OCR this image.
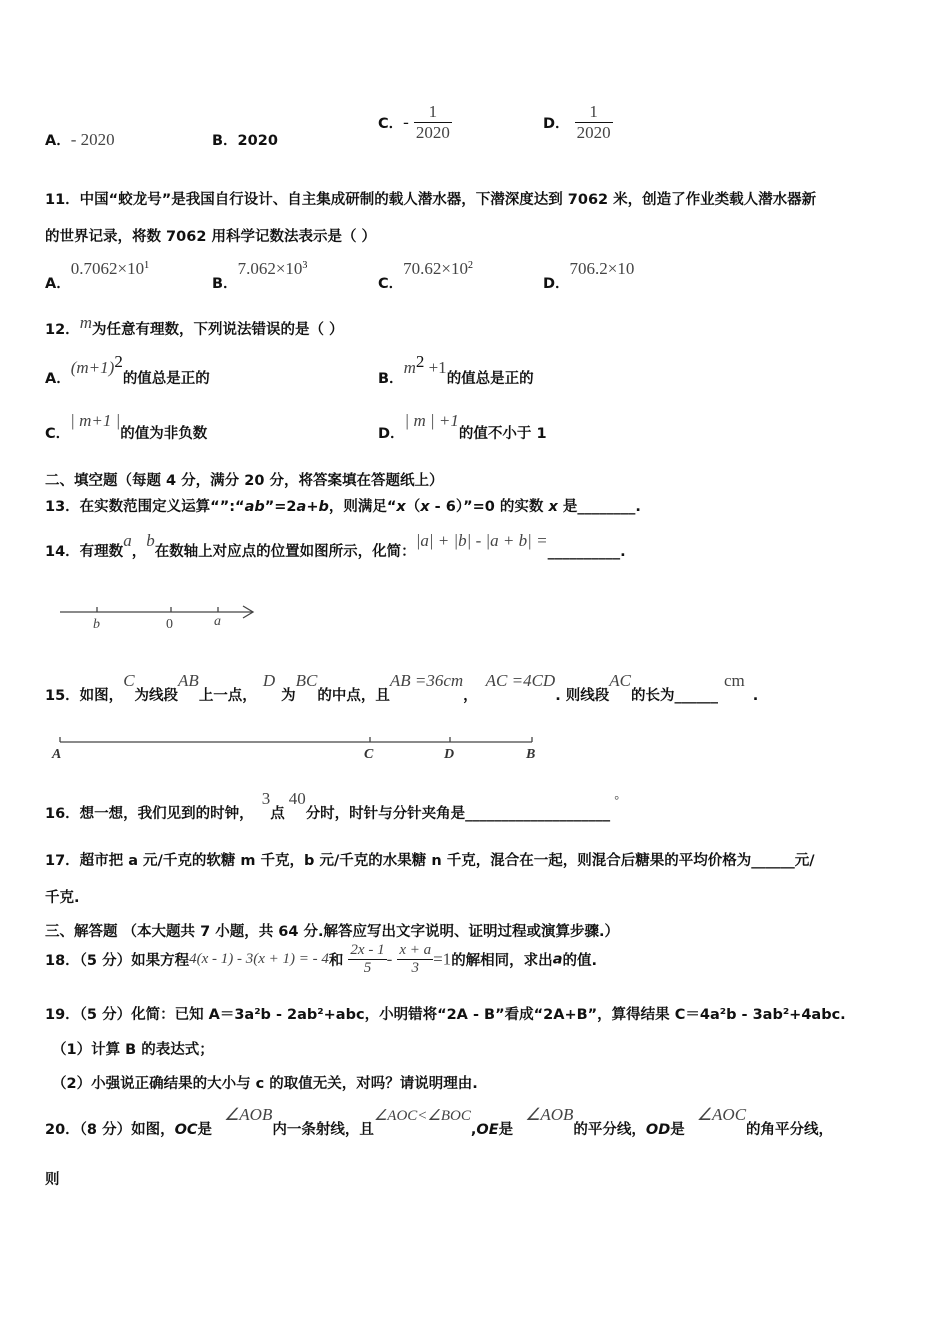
A．- 2020	B．2020
C．- $\frac{1}{2020}$	D． $\frac{1}{2020}$
11．中国“蛟龙号”是我国自行设计、自主集成研制的载人潜水器，下潜深度达到 7062 米，创造了作业类载人潜水器新
的世界记录，将数 7062 用科学记数法表示是（ ）
A．$0.7062\times 10^1$
B．$7.062\times 10^3$
C．$70.62\times 10^2$
D．706.2×10
12．m为任意有理数，下列说法错误的是（ ）
A．$(m+1)^2$的值总是正的	B．$m^2 +1$的值总是正的
C．| m+1 |的值为非负数	D．| m | +1的值不小于 1
二、填空题（每题 4 分，满分 20 分，将答案填在答题纸上）
13．在实数范围定义运算“”:“ab”=2a+b，则满足“x（x - 6）”=0 的实数 x 是________.
14．有理数a，b在数轴上对应点的位置如图所示，化简：|a| + |b| - |a + b| =__________.
b	0	a
15．如图，C为线段AB上一点，D为BC的中点，且AB =36cm，AC =4CD. 则线段AC的长为______cm.
A	C	D	B
16．想一想，我们见到的时钟，3点40分时，时针与分针夹角是____________________°
17．超市把 a 元/千克的软糖 m 千克，b 元/千克的水果糖 n 千克，混合在一起，则混合后糖果的平均价格为______元/
千克.
三、解答题 （本大题共 7 小题，共 64 分.解答应写出文字说明、证明过程或演算步骤.）
18．（5 分）如果方程4(x - 1) - 3(x + 1) = - 4和 $\frac{2x - 1}{5} - \frac{x + a}{3} =1$的解相同，求出a的值.
19．（5 分）化简：已知 A＝3a²b - 2ab²+abc，小明错将“2A - B”看成“2A+B”，算得结果 C＝4a²b - 3ab²+4abc.
（1）计算 B 的表达式；
（2）小强说正确结果的大小与 c 的取值无关，对吗？请说明理由.
20．（8 分）如图，OC是∠AOB内一条射线，且∠AOC<∠BOC,OE是∠AOB的平分线，OD是∠AOC的角平分线，
则
